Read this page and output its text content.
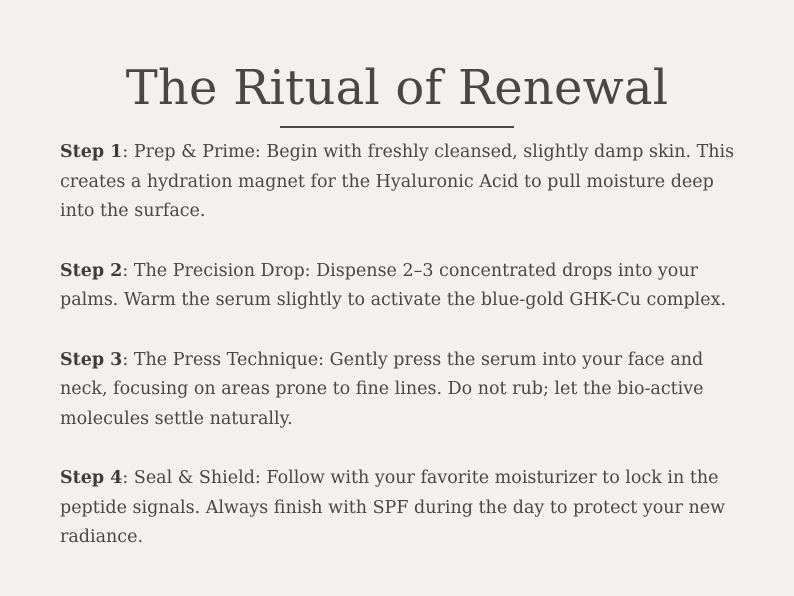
The Ritual of Renewal

Step 1: Prep & Prime: Begin with freshly cleansed, slightly damp skin. This creates a hydration magnet for the Hyaluronic Acid to pull moisture deep into the surface.

Step 2: The Precision Drop: Dispense 2–3 concentrated drops into your palms. Warm the serum slightly to activate the blue-gold GHK-Cu complex.

Step 3: The Press Technique: Gently press the serum into your face and neck, focusing on areas prone to fine lines. Do not rub; let the bio-active molecules settle naturally.

Step 4: Seal & Shield: Follow with your favorite moisturizer to lock in the peptide signals. Always finish with SPF during the day to protect your new radiance.
